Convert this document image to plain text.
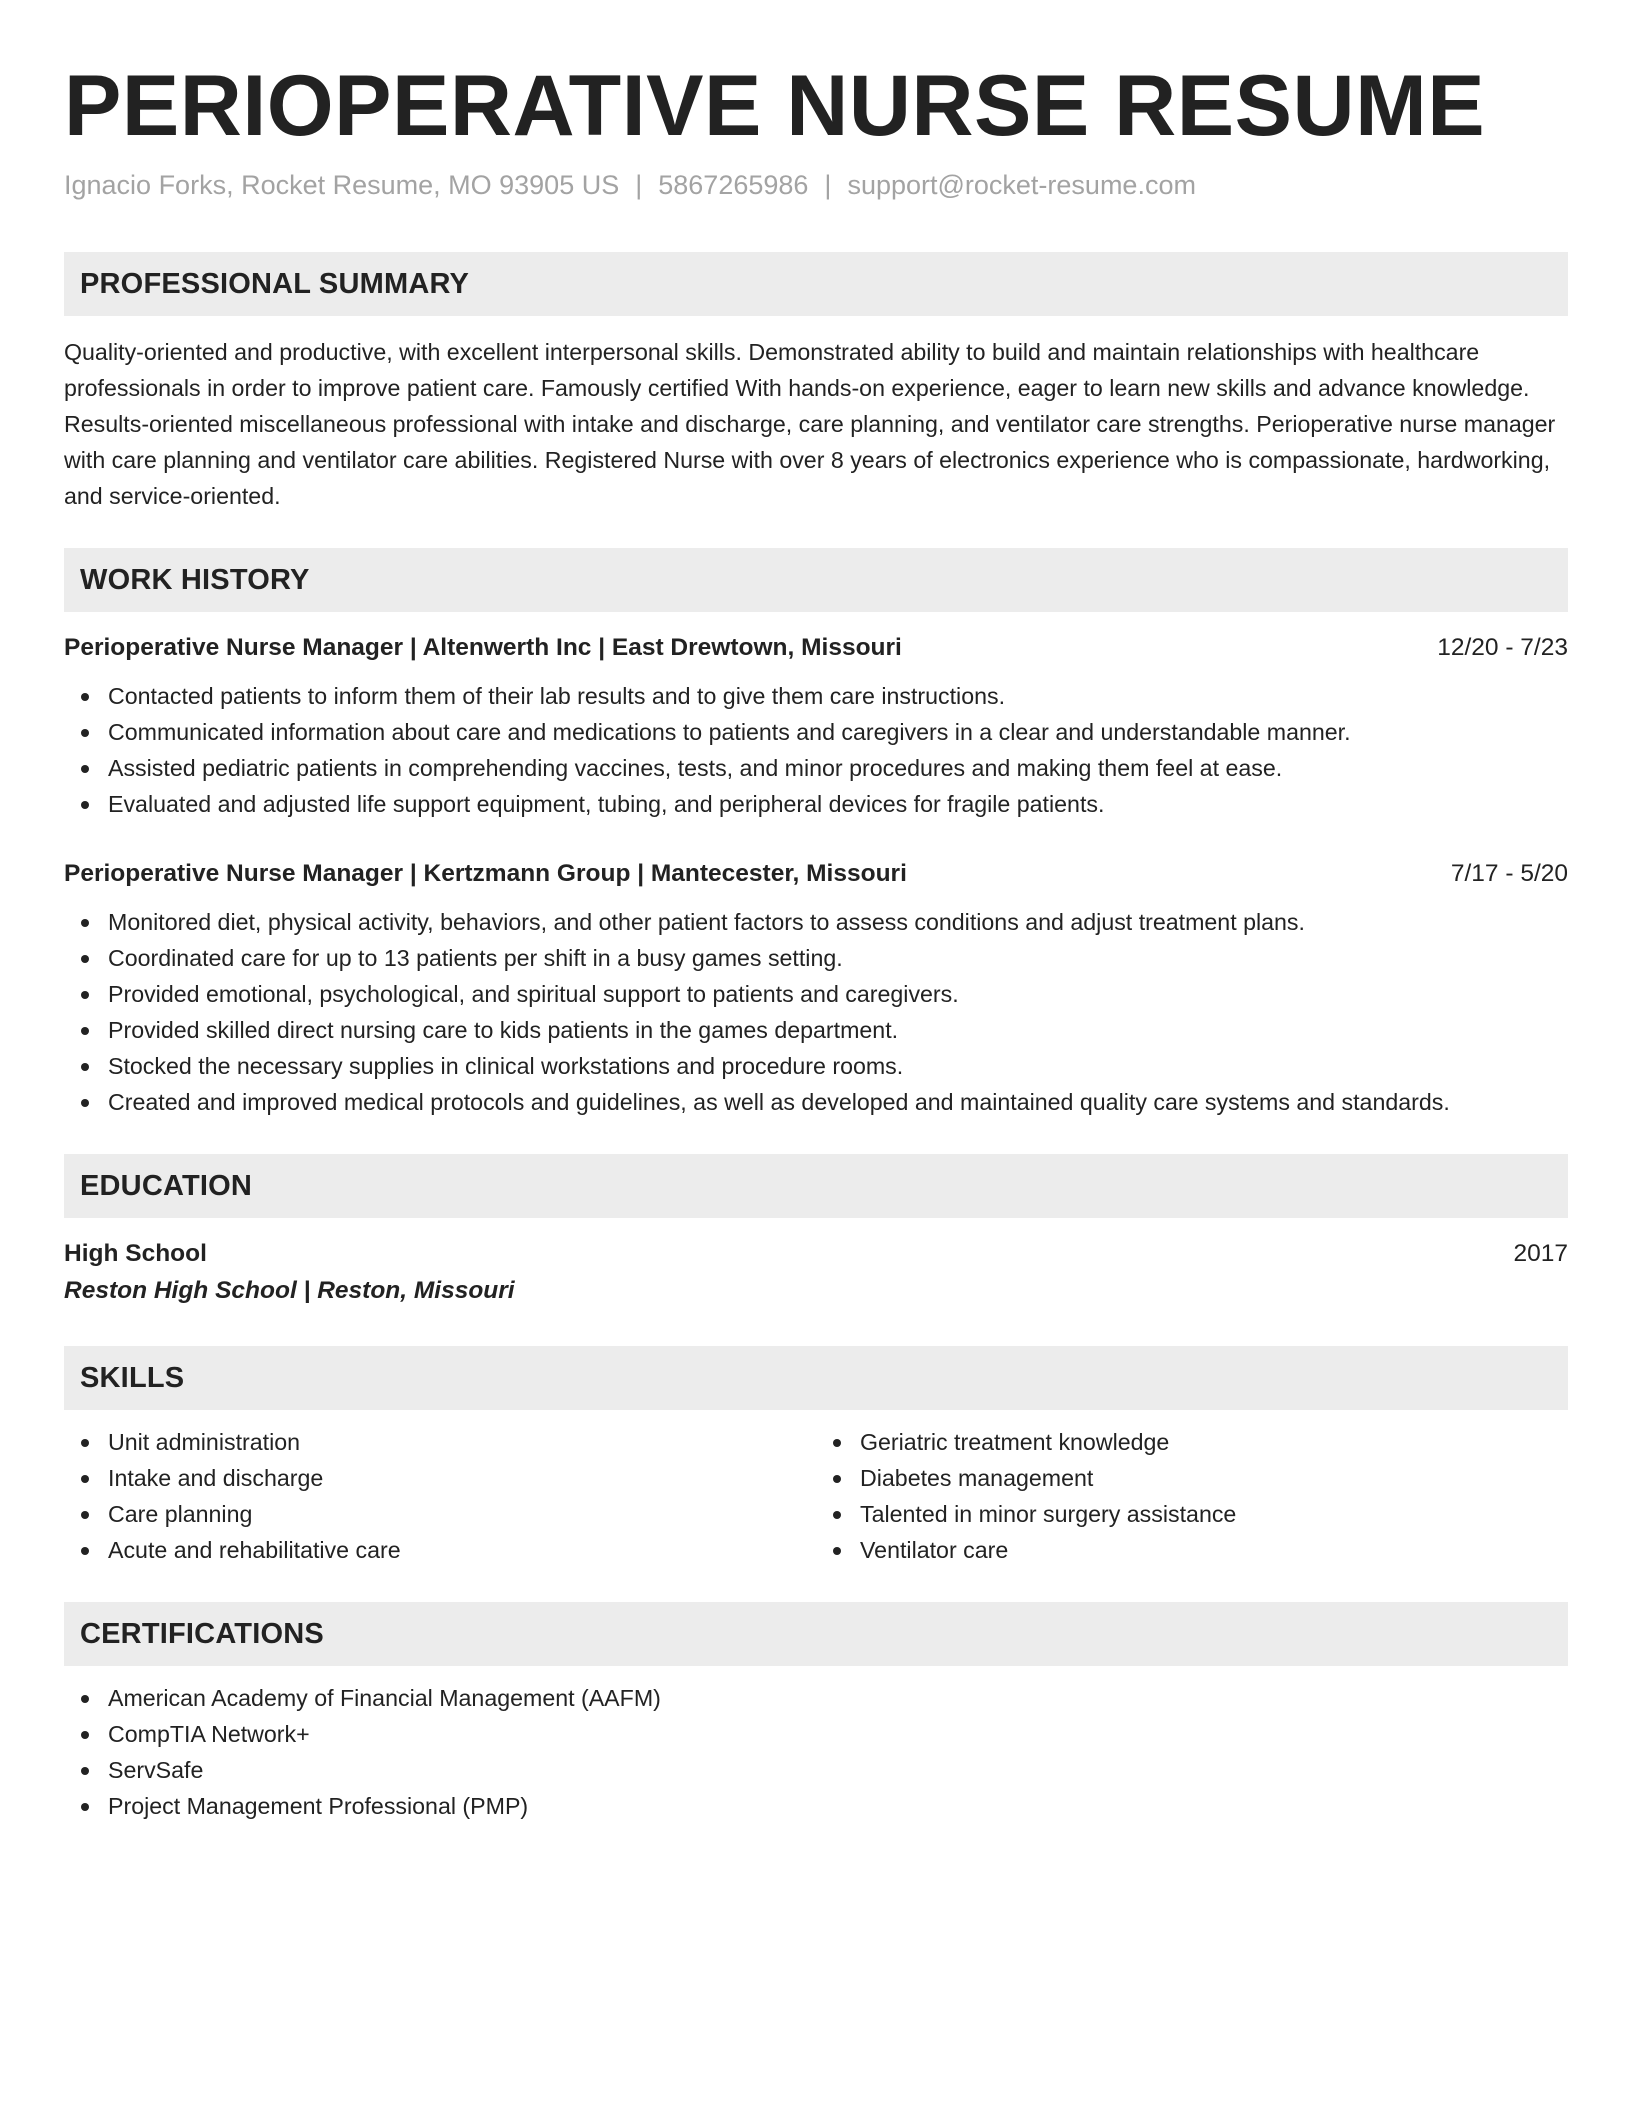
PERIOPERATIVE NURSE RESUME
Ignacio Forks, Rocket Resume, MO 93905 US | 5867265986 | support@rocket-resume.com
PROFESSIONAL SUMMARY
Quality-oriented and productive, with excellent interpersonal skills. Demonstrated ability to build and maintain relationships with healthcare professionals in order to improve patient care. Famously certified With hands-on experience, eager to learn new skills and advance knowledge. Results-oriented miscellaneous professional with intake and discharge, care planning, and ventilator care strengths. Perioperative nurse manager with care planning and ventilator care abilities. Registered Nurse with over 8 years of electronics experience who is compassionate, hardworking, and service-oriented.
WORK HISTORY
Perioperative Nurse Manager | Altenwerth Inc | East Drewtown, Missouri	12/20 - 7/23
Contacted patients to inform them of their lab results and to give them care instructions.
Communicated information about care and medications to patients and caregivers in a clear and understandable manner.
Assisted pediatric patients in comprehending vaccines, tests, and minor procedures and making them feel at ease.
Evaluated and adjusted life support equipment, tubing, and peripheral devices for fragile patients.
Perioperative Nurse Manager | Kertzmann Group | Mantecester, Missouri	7/17 - 5/20
Monitored diet, physical activity, behaviors, and other patient factors to assess conditions and adjust treatment plans.
Coordinated care for up to 13 patients per shift in a busy games setting.
Provided emotional, psychological, and spiritual support to patients and caregivers.
Provided skilled direct nursing care to kids patients in the games department.
Stocked the necessary supplies in clinical workstations and procedure rooms.
Created and improved medical protocols and guidelines, as well as developed and maintained quality care systems and standards.
EDUCATION
High School	2017
Reston High School | Reston, Missouri
SKILLS
Unit administration
Intake and discharge
Care planning
Acute and rehabilitative care
Geriatric treatment knowledge
Diabetes management
Talented in minor surgery assistance
Ventilator care
CERTIFICATIONS
American Academy of Financial Management (AAFM)
CompTIA Network+
ServSafe
Project Management Professional (PMP)
